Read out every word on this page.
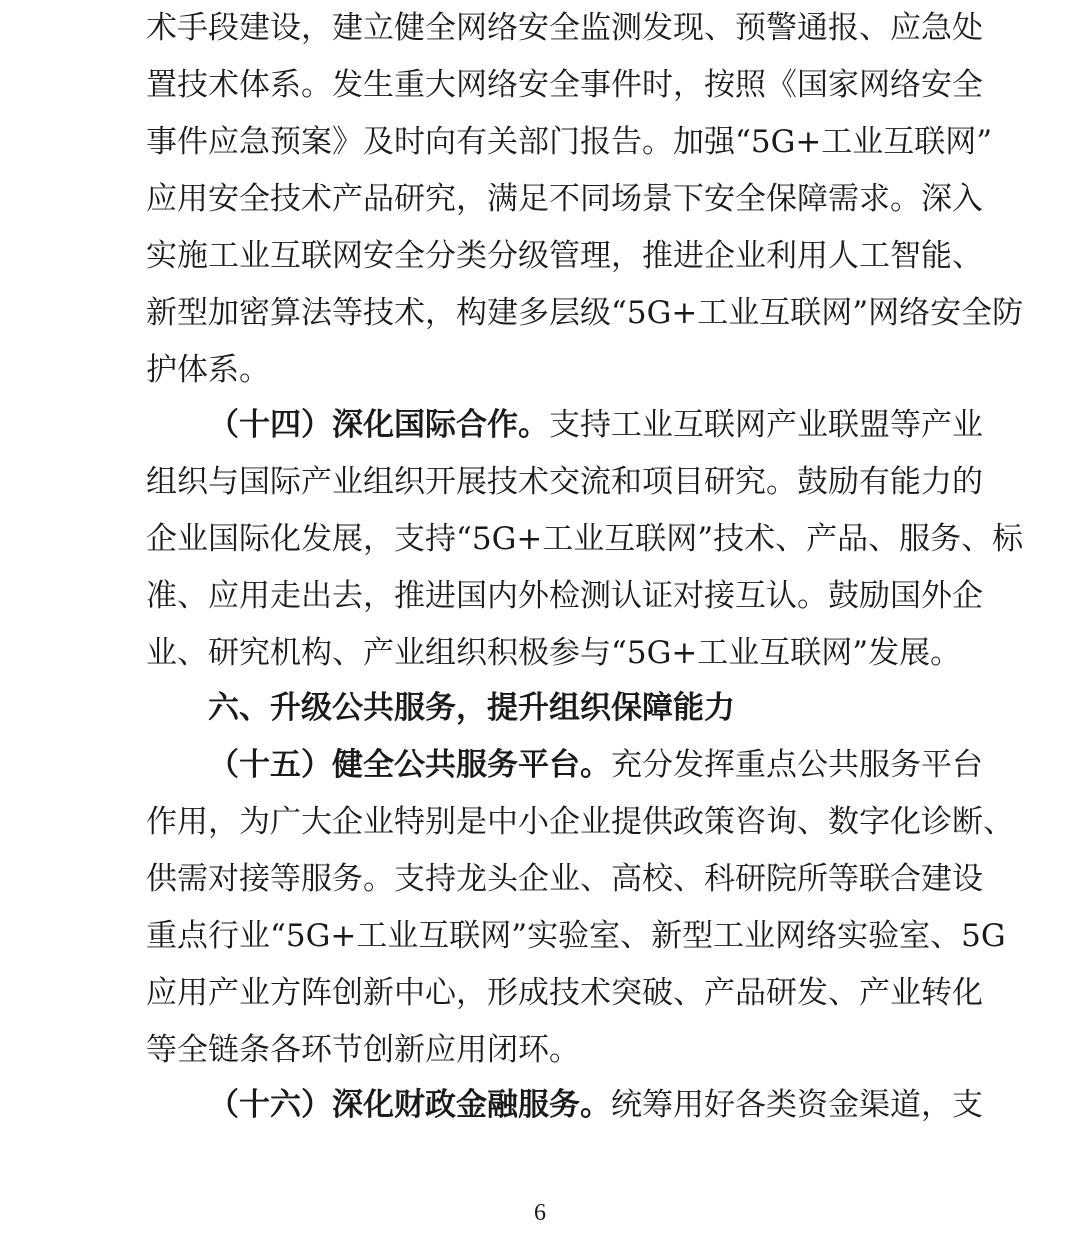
术手段建设，建立健全网络安全监测发现、预警通报、应急处
置技术体系。发生重大网络安全事件时，按照《国家网络安全
事件应急预案》及时向有关部门报告。加强“5G+工业互联网”
应用安全技术产品研究，满足不同场景下安全保障需求。深入
实施工业互联网安全分类分级管理，推进企业利用人工智能、
新型加密算法等技术，构建多层级“5G+工业互联网”网络安全防
护体系。
（十四）深化国际合作。支持工业互联网产业联盟等产业
组织与国际产业组织开展技术交流和项目研究。鼓励有能力的
企业国际化发展，支持“5G+工业互联网”技术、产品、服务、标
准、应用走出去，推进国内外检测认证对接互认。鼓励国外企
业、研究机构、产业组织积极参与“5G+工业互联网”发展。
六、升级公共服务，提升组织保障能力
（十五）健全公共服务平台。充分发挥重点公共服务平台
作用，为广大企业特别是中小企业提供政策咨询、数字化诊断、
供需对接等服务。支持龙头企业、高校、科研院所等联合建设
重点行业“5G+工业互联网”实验室、新型工业网络实验室、5G
应用产业方阵创新中心，形成技术突破、产品研发、产业转化
等全链条各环节创新应用闭环。
（十六）深化财政金融服务。统筹用好各类资金渠道，支
6
